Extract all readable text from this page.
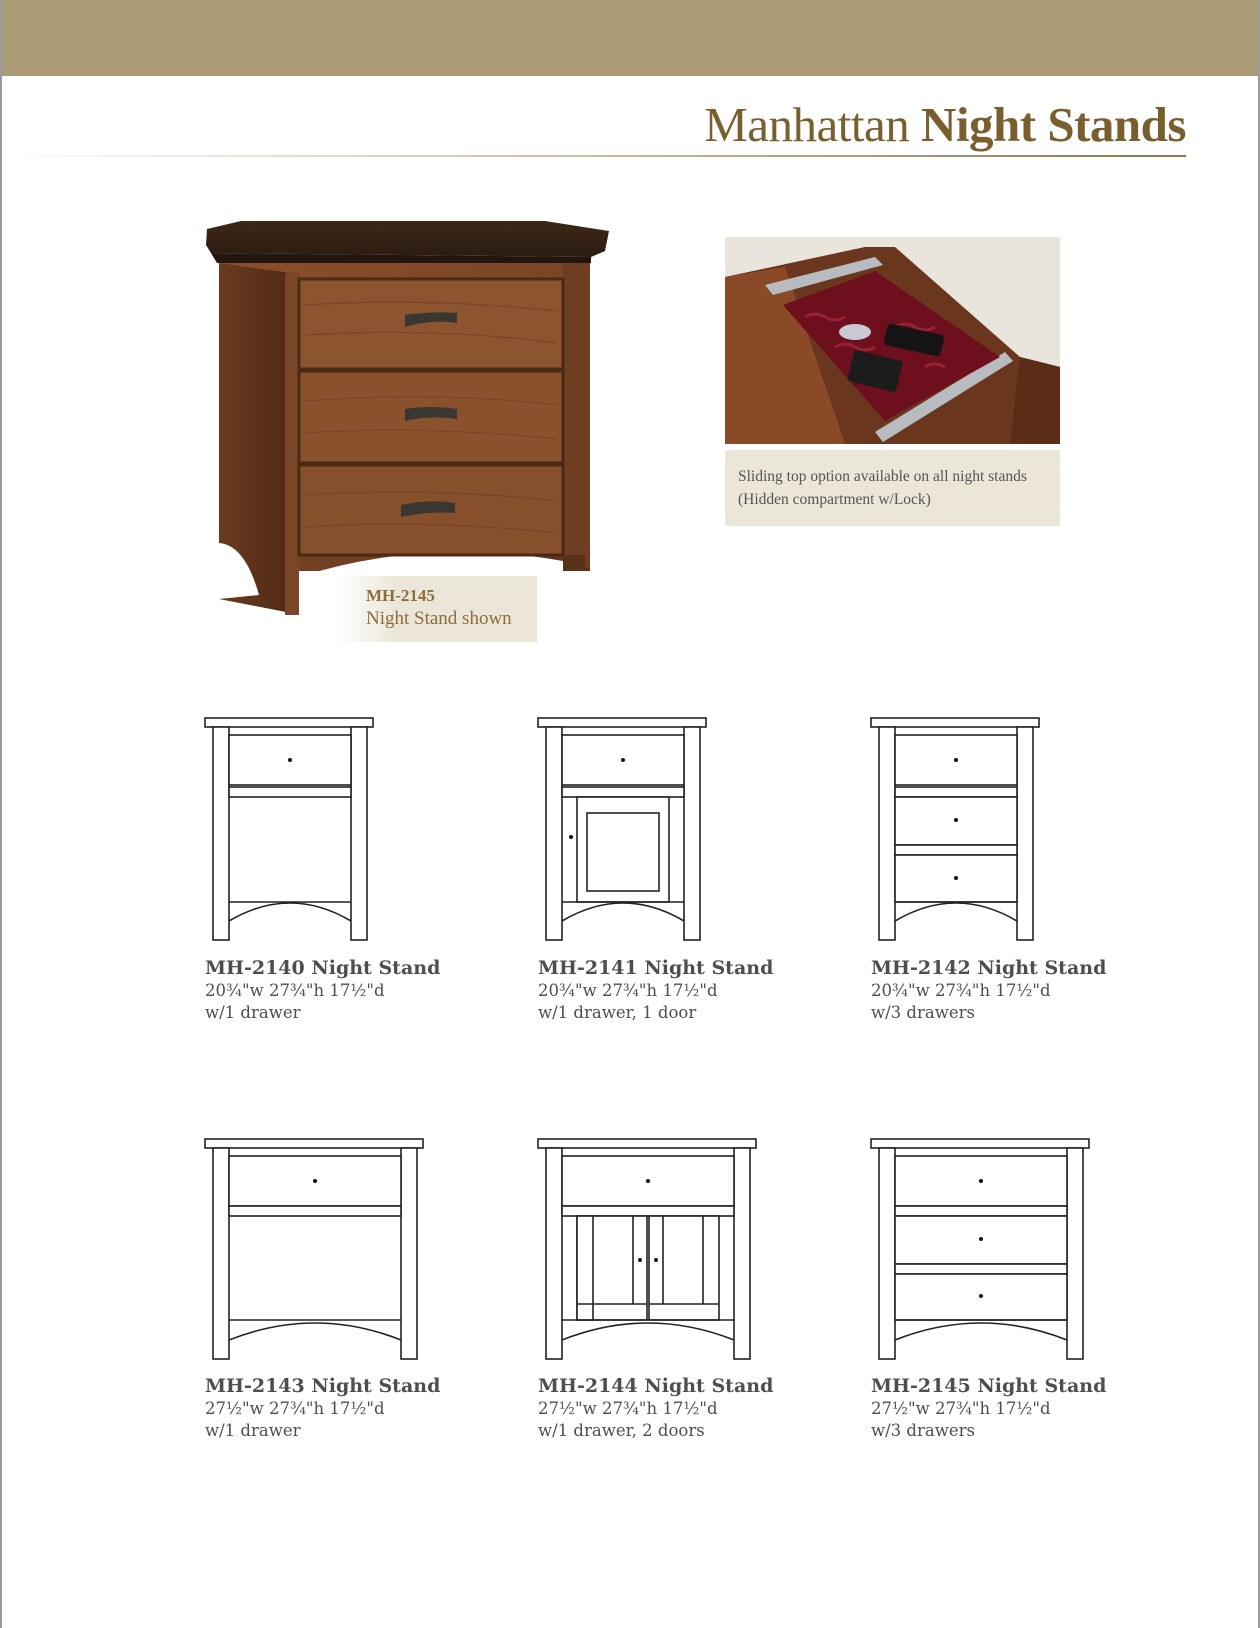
Manhattan Night Stands
MH-2145
Night Stand shown
Sliding top option available on all night stands
(Hidden compartment w/Lock)
MH-2140 Night Stand
20¾"w 27¾"h 17½"d
w/1 drawer
MH-2141 Night Stand
20¾"w 27¾"h 17½"d
w/1 drawer, 1 door
MH-2142 Night Stand
20¾"w 27¾"h 17½"d
w/3 drawers
MH-2143 Night Stand
27½"w 27¾"h 17½"d
w/1 drawer
MH-2144 Night Stand
27½"w 27¾"h 17½"d
w/1 drawer, 2 doors
MH-2145 Night Stand
27½"w 27¾"h 17½"d
w/3 drawers
